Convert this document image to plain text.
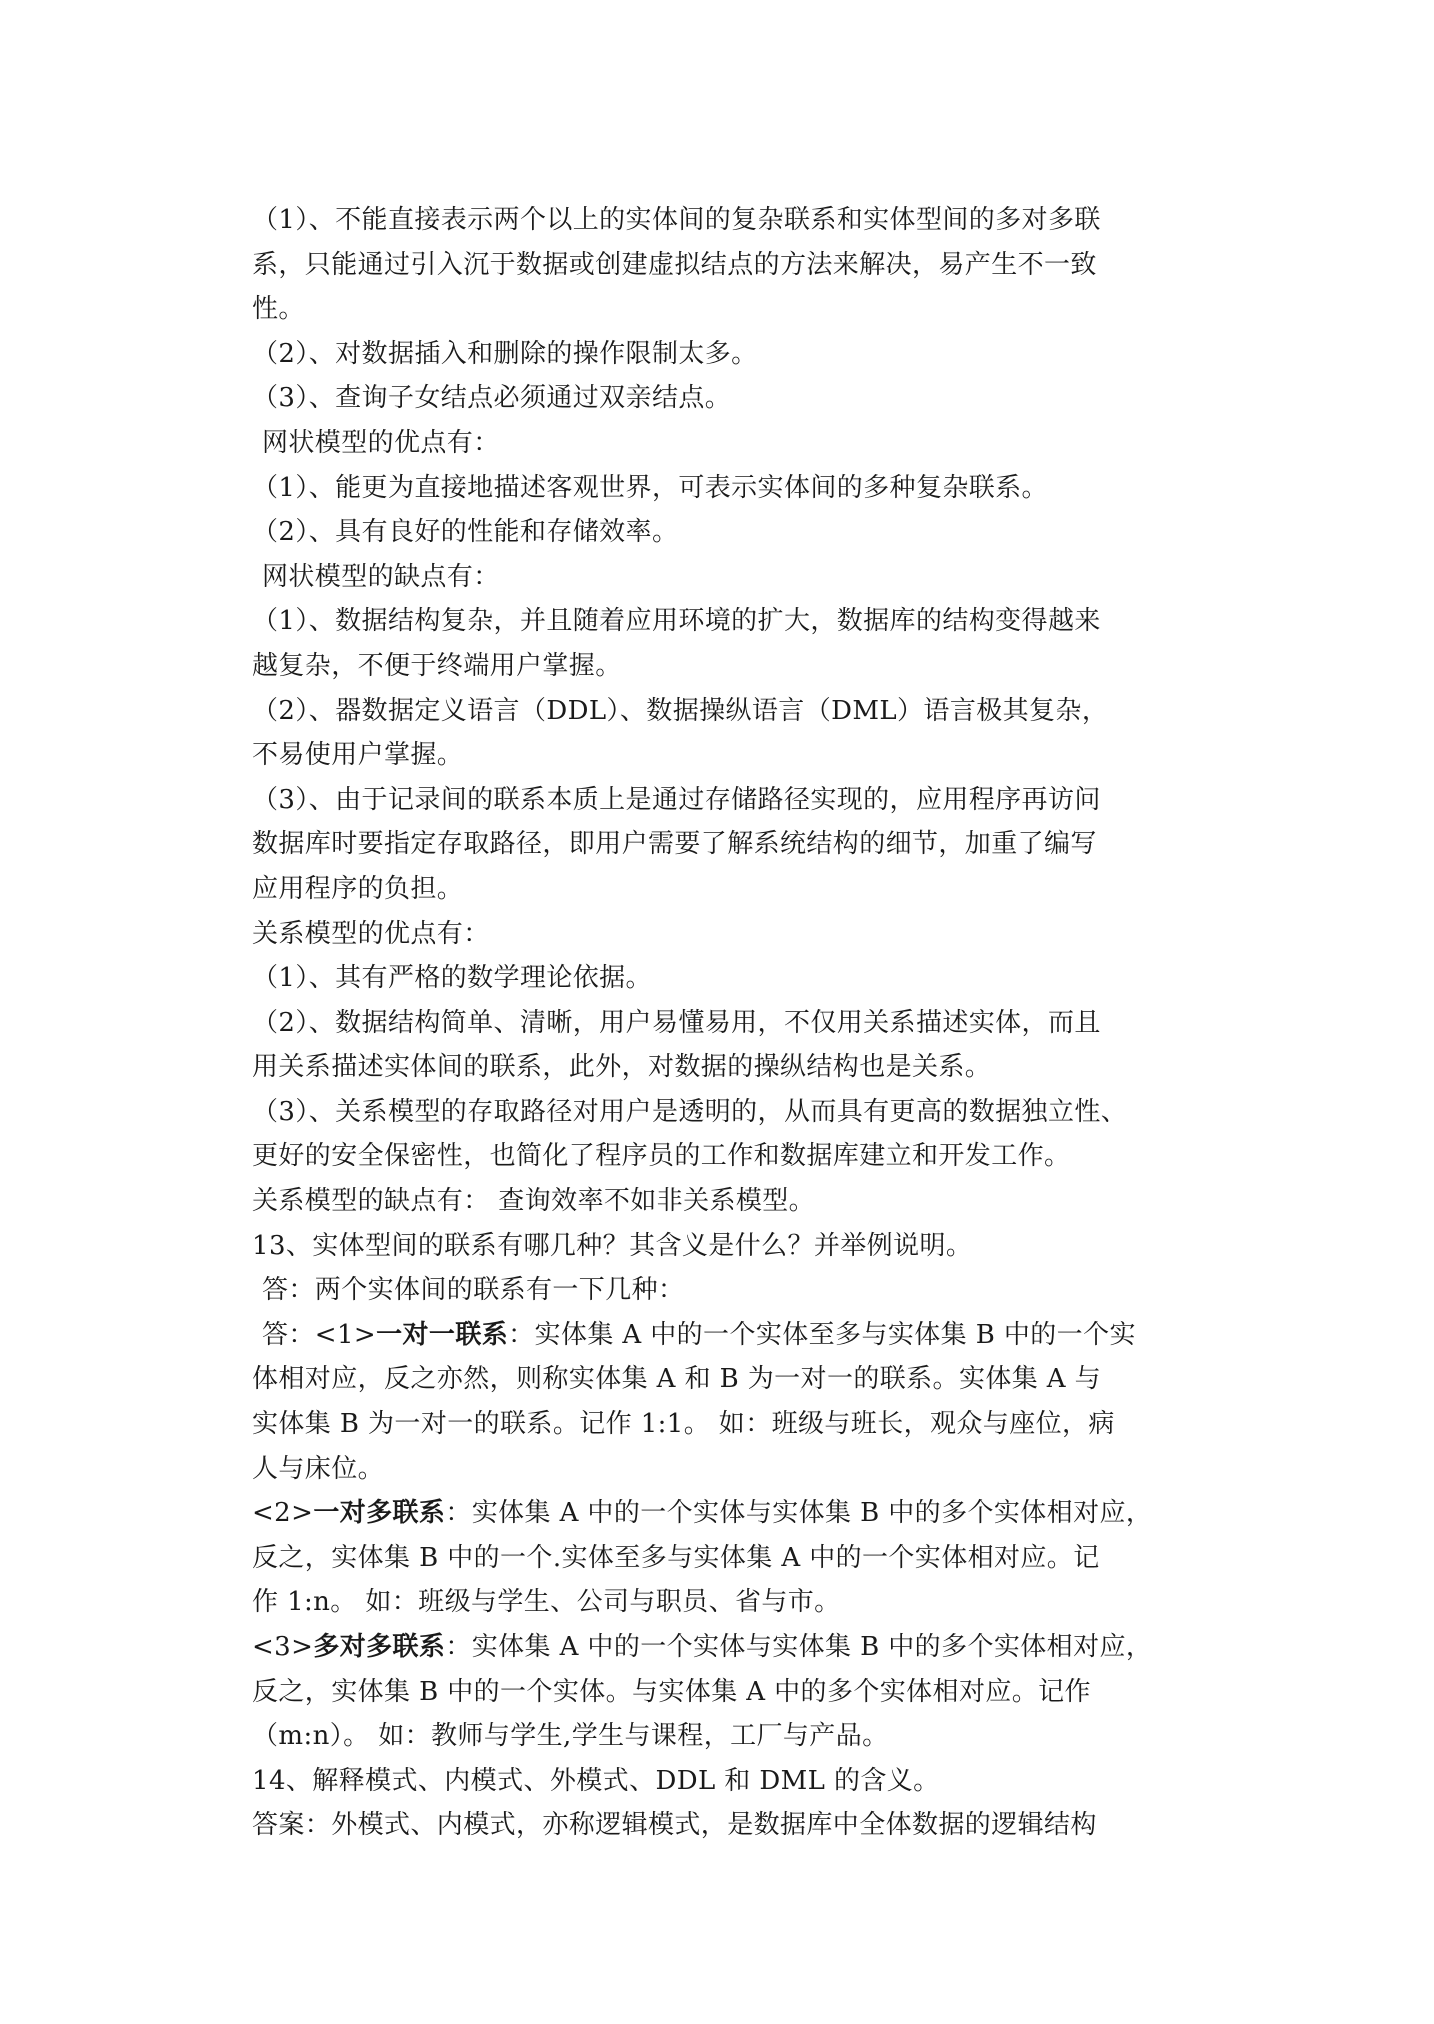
（1）、不能直接表示两个以上的实体间的复杂联系和实体型间的多对多联
系，只能通过引入沉于数据或创建虚拟结点的方法来解决，易产生不一致
性。
（2）、对数据插入和删除的操作限制太多。
（3）、查询子女结点必须通过双亲结点。
网状模型的优点有：
（1）、能更为直接地描述客观世界，可表示实体间的多种复杂联系。
（2）、具有良好的性能和存储效率。
网状模型的缺点有：
（1）、数据结构复杂，并且随着应用环境的扩大，数据库的结构变得越来
越复杂，不便于终端用户掌握。
（2）、器数据定义语言（DDL）、数据操纵语言（DML）语言极其复杂，
不易使用户掌握。
（3）、由于记录间的联系本质上是通过存储路径实现的，应用程序再访问
数据库时要指定存取路径，即用户需要了解系统结构的细节，加重了编写
应用程序的负担。
关系模型的优点有：
（1）、其有严格的数学理论依据。
（2）、数据结构简单、清晰，用户易懂易用，不仅用关系描述实体，而且
用关系描述实体间的联系，此外，对数据的操纵结构也是关系。
（3）、关系模型的存取路径对用户是透明的，从而具有更高的数据独立性、
更好的安全保密性，也简化了程序员的工作和数据库建立和开发工作。
关系模型的缺点有： 查询效率不如非关系模型。
13、实体型间的联系有哪几种？其含义是什么？并举例说明。
答：两个实体间的联系有一下几种：
答：<1>一对一联系：实体集 A 中的一个实体至多与实体集 B 中的一个实
体相对应，反之亦然，则称实体集 A 和 B 为一对一的联系。实体集 A 与
实体集 B 为一对一的联系。记作 1:1。 如：班级与班长，观众与座位，病
人与床位。
<2>一对多联系：实体集 A 中的一个实体与实体集 B 中的多个实体相对应，
反之，实体集 B 中的一个.实体至多与实体集 A 中的一个实体相对应。记
作 1:n。 如：班级与学生、公司与职员、省与市。
<3>多对多联系：实体集 A 中的一个实体与实体集 B 中的多个实体相对应，
反之，实体集 B 中的一个实体。与实体集 A 中的多个实体相对应。记作
（m:n）。 如：教师与学生,学生与课程，工厂与产品。
14、解释模式、内模式、外模式、DDL 和 DML 的含义。
答案：外模式、内模式，亦称逻辑模式，是数据库中全体数据的逻辑结构
